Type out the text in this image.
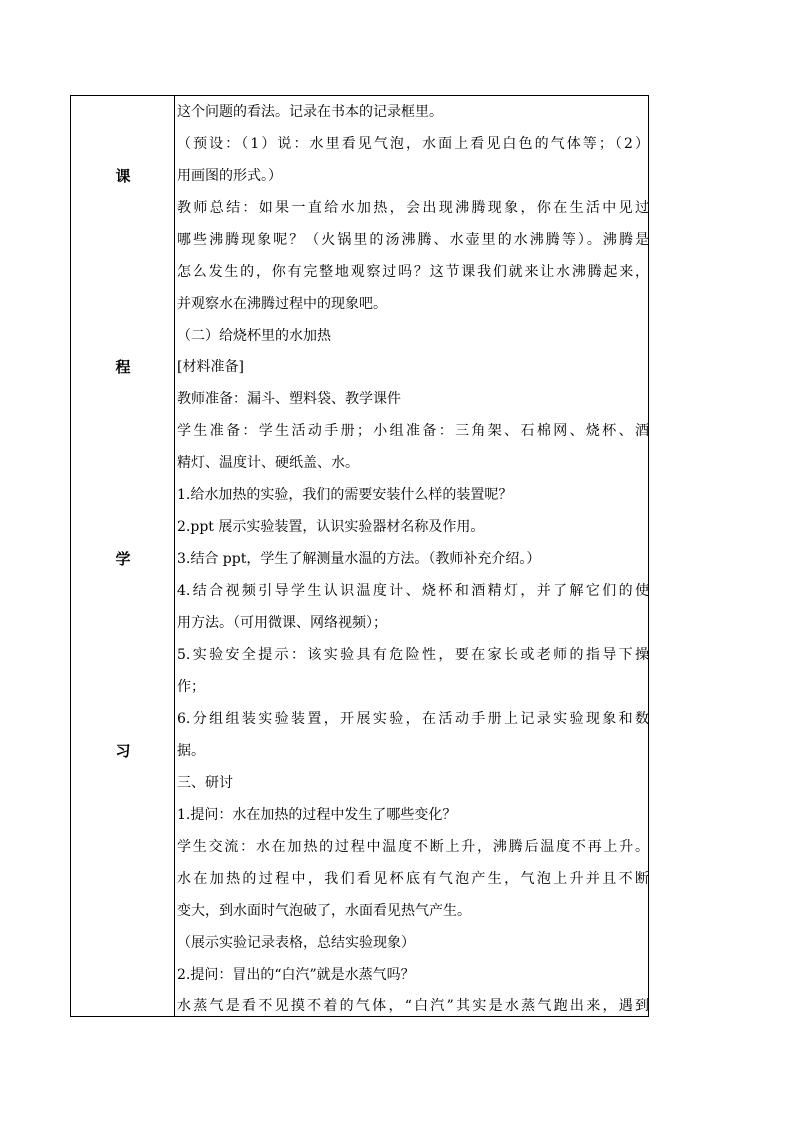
课
程
学
习
这个问题的看法。记录在书本的记录框里。
（预设：（1）说：水里看见气泡，水面上看见白色的气体等；（2）
用画图的形式。）
教师总结：如果一直给水加热，会出现沸腾现象，你在生活中见过
哪些沸腾现象呢？（火锅里的汤沸腾、水壶里的水沸腾等）。沸腾是
怎么发生的，你有完整地观察过吗？这节课我们就来让水沸腾起来，
并观察水在沸腾过程中的现象吧。
（二）给烧杯里的水加热
[材料准备]
教师准备：漏斗、塑料袋、教学课件
学生准备：学生活动手册；小组准备：三角架、石棉网、烧杯、酒
精灯、温度计、硬纸盖、水。
1.给水加热的实验，我们的需要安装什么样的装置呢？
2.ppt 展示实验装置，认识实验器材名称及作用。
3.结合 ppt，学生了解测量水温的方法。（教师补充介绍。）
4.结合视频引导学生认识温度计、烧杯和酒精灯，并了解它们的使
用方法。（可用微课、网络视频）；
5.实验安全提示：该实验具有危险性，要在家长或老师的指导下操
作；
6.分组组装实验装置，开展实验，在活动手册上记录实验现象和数
据。
三、研讨
1.提问：水在加热的过程中发生了哪些变化？
学生交流：水在加热的过程中温度不断上升，沸腾后温度不再上升。
水在加热的过程中，我们看见杯底有气泡产生，气泡上升并且不断
变大，到水面时气泡破了，水面看见热气产生。
（展示实验记录表格，总结实验现象）
2.提问：冒出的“白汽”就是水蒸气吗？
水蒸气是看不见摸不着的气体，“白汽”其实是水蒸气跑出来，遇到
